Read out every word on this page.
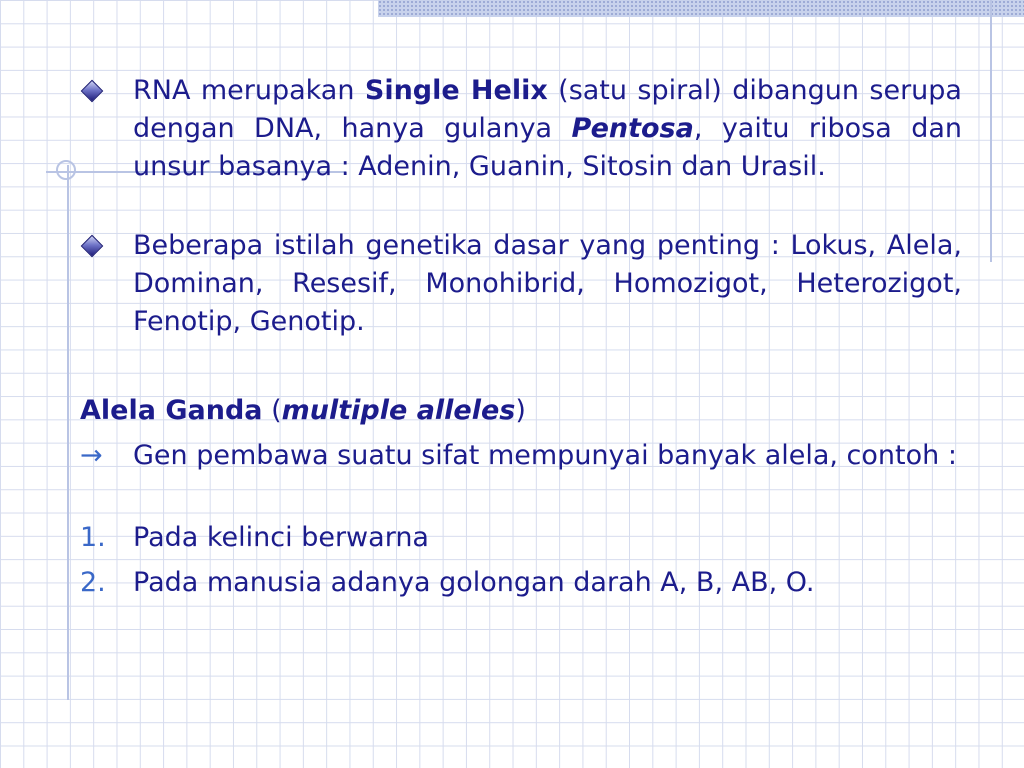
RNA merupakan Single Helix (satu spiral) dibangun serupa dengan DNA, hanya gulanya Pentosa, yaitu ribosa dan unsur basanya : Adenin, Guanin, Sitosin dan Urasil.
Beberapa istilah genetika dasar yang penting : Lokus, Alela, Dominan, Resesif, Monohibrid, Homozigot, Heterozigot, Fenotip, Genotip.
Alela Ganda (multiple alleles)
→ Gen pembawa suatu sifat mempunyai banyak alela, contoh :
1. Pada kelinci berwarna
2. Pada manusia adanya golongan darah A, B, AB, O.
